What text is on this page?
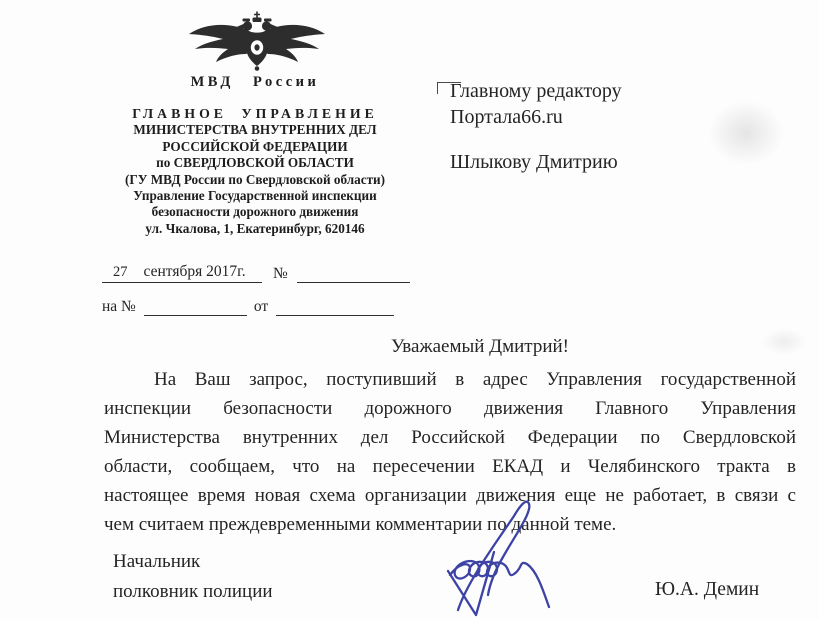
МВД России
ГЛАВНОЕ УПРАВЛЕНИЕ
МИНИСТЕРСТВА ВНУТРЕННИХ ДЕЛ
РОССИЙСКОЙ ФЕДЕРАЦИИ
по СВЕРДЛОВСКОЙ ОБЛАСТИ
(ГУ МВД России по Свердловской области)
Управление Государственной инспекции
безопасности дорожного движения
ул. Чкалова, 1, Екатеринбург, 620146
27 сентября 2017г. №
на №	от
Главному редактору
Портала66.ru
Шлыкову Дмитрию
Уважаемый Дмитрий!
На Ваш запрос, поступивший в адрес Управления государственной
инспекции безопасности дорожного движения Главного Управления
Министерства внутренних дел Российской Федерации по Свердловской
области, сообщаем, что на пересечении ЕКАД и Челябинского тракта в
настоящее время новая схема организации движения еще не работает, в связи с
чем считаем преждевременными комментарии по данной теме.
Начальник
полковник полиции	Ю.А. Демин
